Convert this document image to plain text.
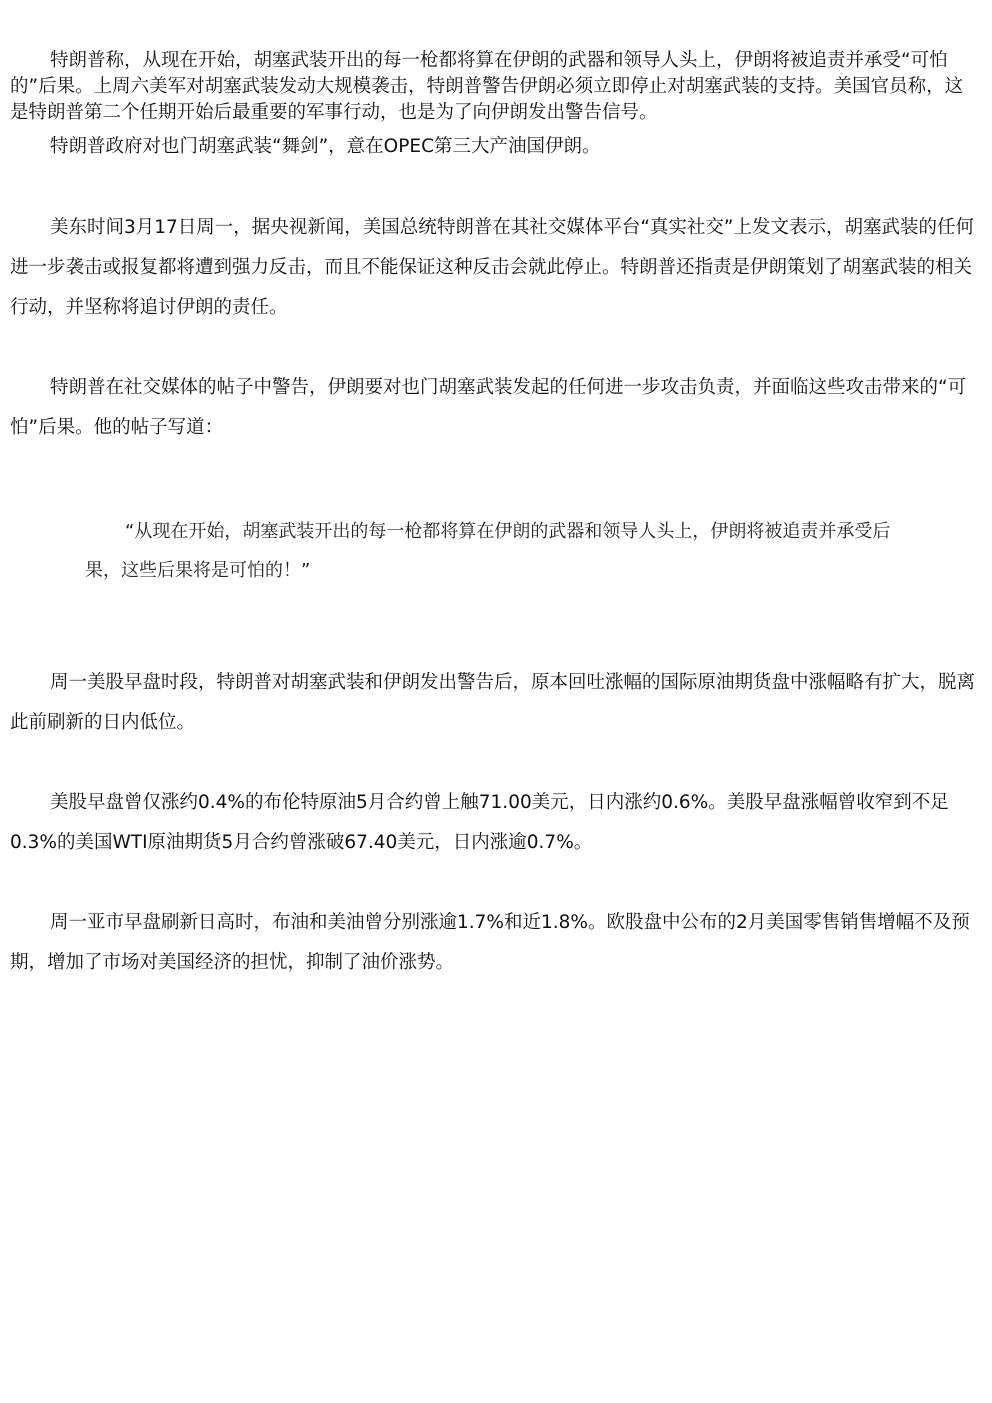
特朗普称，从现在开始，胡塞武装开出的每一枪都将算在伊朗的武器和领导人头上，伊朗将被追责并承受“可怕的”后果。上周六美军对胡塞武装发动大规模袭击，特朗普警告伊朗必须立即停止对胡塞武装的支持。美国官员称，这是特朗普第二个任期开始后最重要的军事行动，也是为了向伊朗发出警告信号。

特朗普政府对也门胡塞武装“舞剑”，意在OPEC第三大产油国伊朗。

美东时间3月17日周一，据央视新闻，美国总统特朗普在其社交媒体平台“真实社交”上发文表示，胡塞武装的任何进一步袭击或报复都将遭到强力反击，而且不能保证这种反击会就此停止。特朗普还指责是伊朗策划了胡塞武装的相关行动，并坚称将追讨伊朗的责任。

特朗普在社交媒体的帖子中警告，伊朗要对也门胡塞武装发起的任何进一步攻击负责，并面临这些攻击带来的“可怕”后果。他的帖子写道：

“从现在开始，胡塞武装开出的每一枪都将算在伊朗的武器和领导人头上，伊朗将被追责并承受后果，这些后果将是可怕的！”

周一美股早盘时段，特朗普对胡塞武装和伊朗发出警告后，原本回吐涨幅的国际原油期货盘中涨幅略有扩大，脱离此前刷新的日内低位。

美股早盘曾仅涨约0.4%的布伦特原油5月合约曾上触71.00美元，日内涨约0.6%。美股早盘涨幅曾收窄到不足0.3%的美国WTI原油期货5月合约曾涨破67.40美元，日内涨逾0.7%。

周一亚市早盘刷新日高时，布油和美油曾分别涨逾1.7%和近1.8%。欧股盘中公布的2月美国零售销售增幅不及预期，增加了市场对美国经济的担忧，抑制了油价涨势。
